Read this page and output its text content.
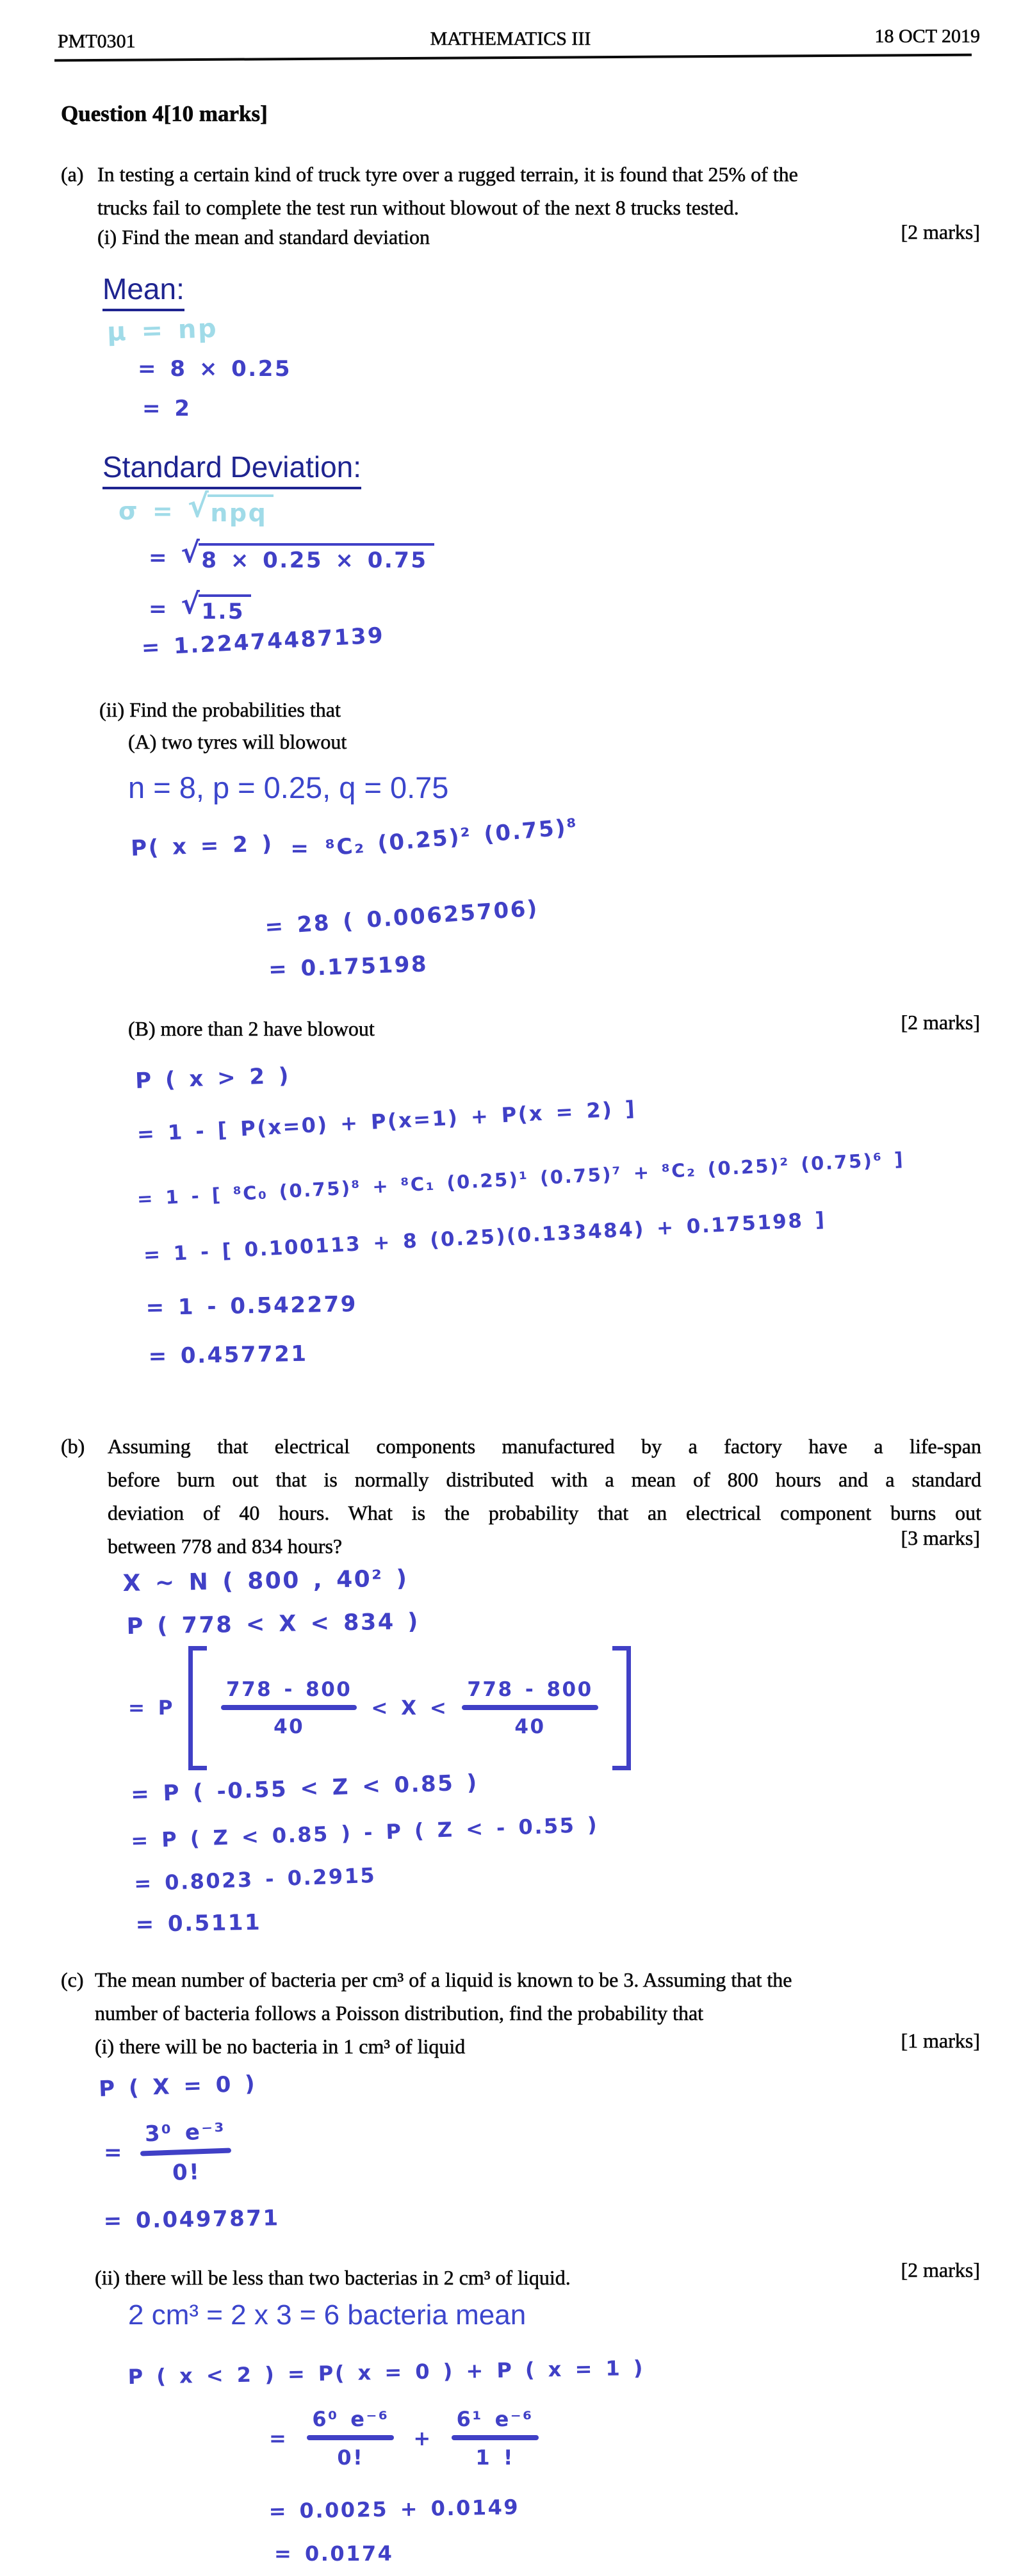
PMT0301	MATHEMATICS III	18 OCT 2019
Question 4[10 marks]
(a) In testing a certain kind of truck tyre over a rugged terrain, it is found that 25% of the
trucks fail to complete the test run without blowout of the next 8 trucks tested.
(i) Find the mean and standard deviation	[2 marks]
Mean:
μ = np
= 8 × 0.25
= 2
Standard Deviation:
σ = √ npq
= √ 8 × 0.25 × 0.75
= √ 1.5
= 1.22474487139
(ii) Find the probabilities that
(A) two tyres will blowout
n = 8, p = 0.25, q = 0.75
P( x = 2 ) = ⁸C₂ (0.25)² (0.75)⁸
= 28 ( 0.00625706)
= 0.175198
(B) more than 2 have blowout	[2 marks]
P ( x > 2 )
= 1 - [ P(x=0) + P(x=1) + P(x = 2) ]
= 1 - [ ⁸C₀ (0.75)⁸ + ⁸C₁ (0.25)¹ (0.75)⁷ + ⁸C₂ (0.25)² (0.75)⁶ ]
= 1 - [ 0.100113 + 8 (0.25)(0.133484) + 0.175198 ]
= 1 - 0.542279
= 0.457721
(b) Assuming that electrical components manufactured by a factory have a life-span
before burn out that is normally distributed with a mean of 800 hours and a standard
deviation of 40 hours. What is the probability that an electrical component burns out
between 778 and 834 hours?	[3 marks]
X ~ N ( 800 , 40² )
P ( 778 < X < 834 )
= P
778 - 800
40
< X <
778 - 800
40
= P ( -0.55 < Z < 0.85 )
= P ( Z < 0.85 ) - P ( Z < - 0.55 )
= 0.8023 - 0.2915
= 0.5111
(c) The mean number of bacteria per cm³ of a liquid is known to be 3. Assuming that the
number of bacteria follows a Poisson distribution, find the probability that
(i) there will be no bacteria in 1 cm³ of liquid	[1 marks]
P ( X = 0 )
=
3⁰ e⁻³
0!
= 0.0497871
(ii) there will be less than two bacterias in 2 cm³ of liquid.	[2 marks]
2 cm³ = 2 x 3 = 6 bacteria mean
P ( x < 2 ) = P( x = 0 ) + P ( x = 1 )
=
6⁰ e⁻⁶
0!
+
6¹ e⁻⁶
1 !
= 0.0025 + 0.0149
= 0.0174
